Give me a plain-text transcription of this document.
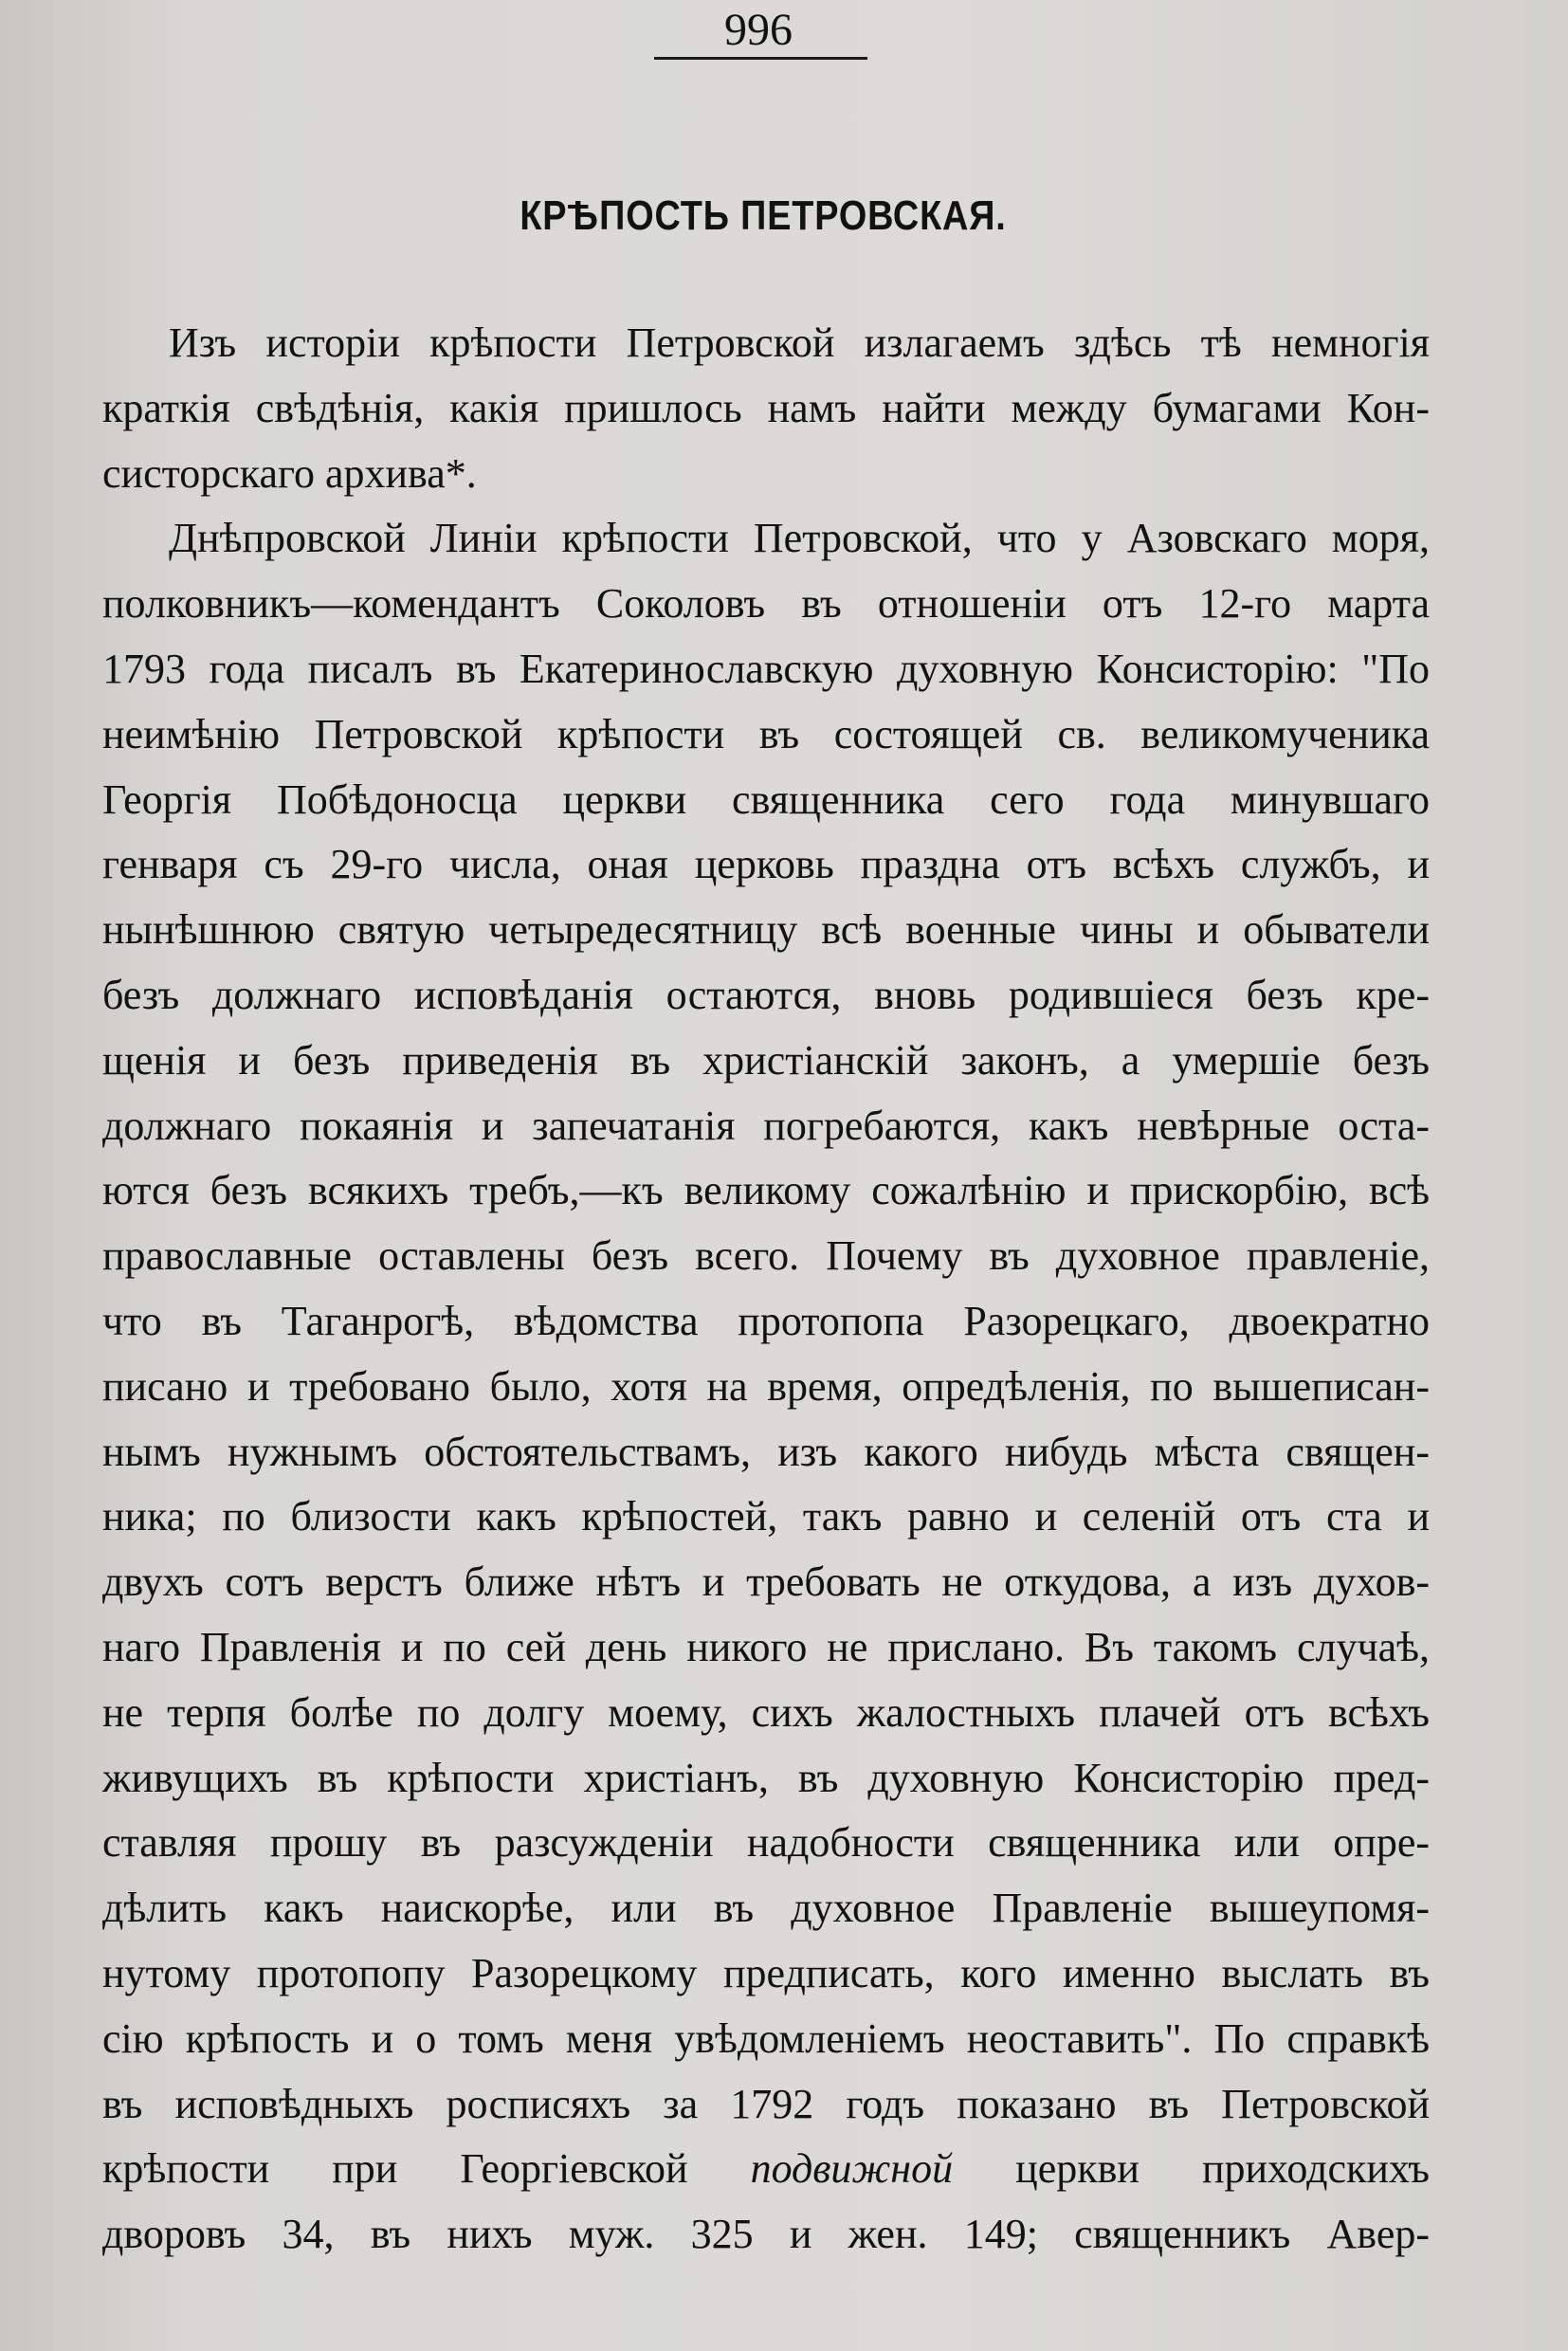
996
КРѢПОСТЬ ПЕТРОВСКАЯ.
Изъ исторіи крѣпости Петровской излагаемъ здѣсь тѣ немногія
краткія свѣдѣнія, какія пришлось намъ найти между бумагами Кон-
систорскаго архива*.
Днѣпровской Линіи крѣпости Петровской, что у Азовскаго моря,
полковникъ—комендантъ Соколовъ въ отношеніи отъ 12-го марта
1793 года писалъ въ Екатеринославскую духовную Консисторію: "По
неимѣнію Петровской крѣпости въ состоящей св. великомученика
Георгія Побѣдоносца церкви священника сего года минувшаго
генваря съ 29-го числа, оная церковь праздна отъ всѣхъ службъ, и
нынѣшнюю святую четыредесятницу всѣ военные чины и обыватели
безъ должнаго исповѣданія остаются, вновь родившіеся безъ кре-
щенія и безъ приведенія въ христіанскій законъ, а умершіе безъ
должнаго покаянія и запечатанія погребаются, какъ невѣрные оста-
ются безъ всякихъ требъ,—къ великому сожалѣнію и прискорбію, всѣ
православные оставлены безъ всего. Почему въ духовное правленіе,
что въ Таганрогѣ, вѣдомства протопопа Разорецкаго, двоекратно
писано и требовано было, хотя на время, опредѣленія, по вышеписан-
нымъ нужнымъ обстоятельствамъ, изъ какого нибудь мѣста священ-
ника; по близости какъ крѣпостей, такъ равно и селеній отъ ста и
двухъ сотъ верстъ ближе нѣтъ и требовать не откудова, а изъ духов-
наго Правленія и по сей день никого не прислано. Въ такомъ случаѣ,
не терпя болѣе по долгу моему, сихъ жалостныхъ плачей отъ всѣхъ
живущихъ въ крѣпости христіанъ, въ духовную Консисторію пред-
ставляя прошу въ разсужденіи надобности священника или опре-
дѣлить какъ наискорѣе, или въ духовное Правленіе вышеупомя-
нутому протопопу Разорецкому предписать, кого именно выслать въ
сію крѣпость и о томъ меня увѣдомленіемъ неоставить". По справкѣ
въ исповѣдныхъ росписяхъ за 1792 годъ показано въ Петровской
крѣпости при Георгіевской подвижной церкви приходскихъ
дворовъ 34, въ нихъ муж. 325 и жен. 149; священникъ Авер-
